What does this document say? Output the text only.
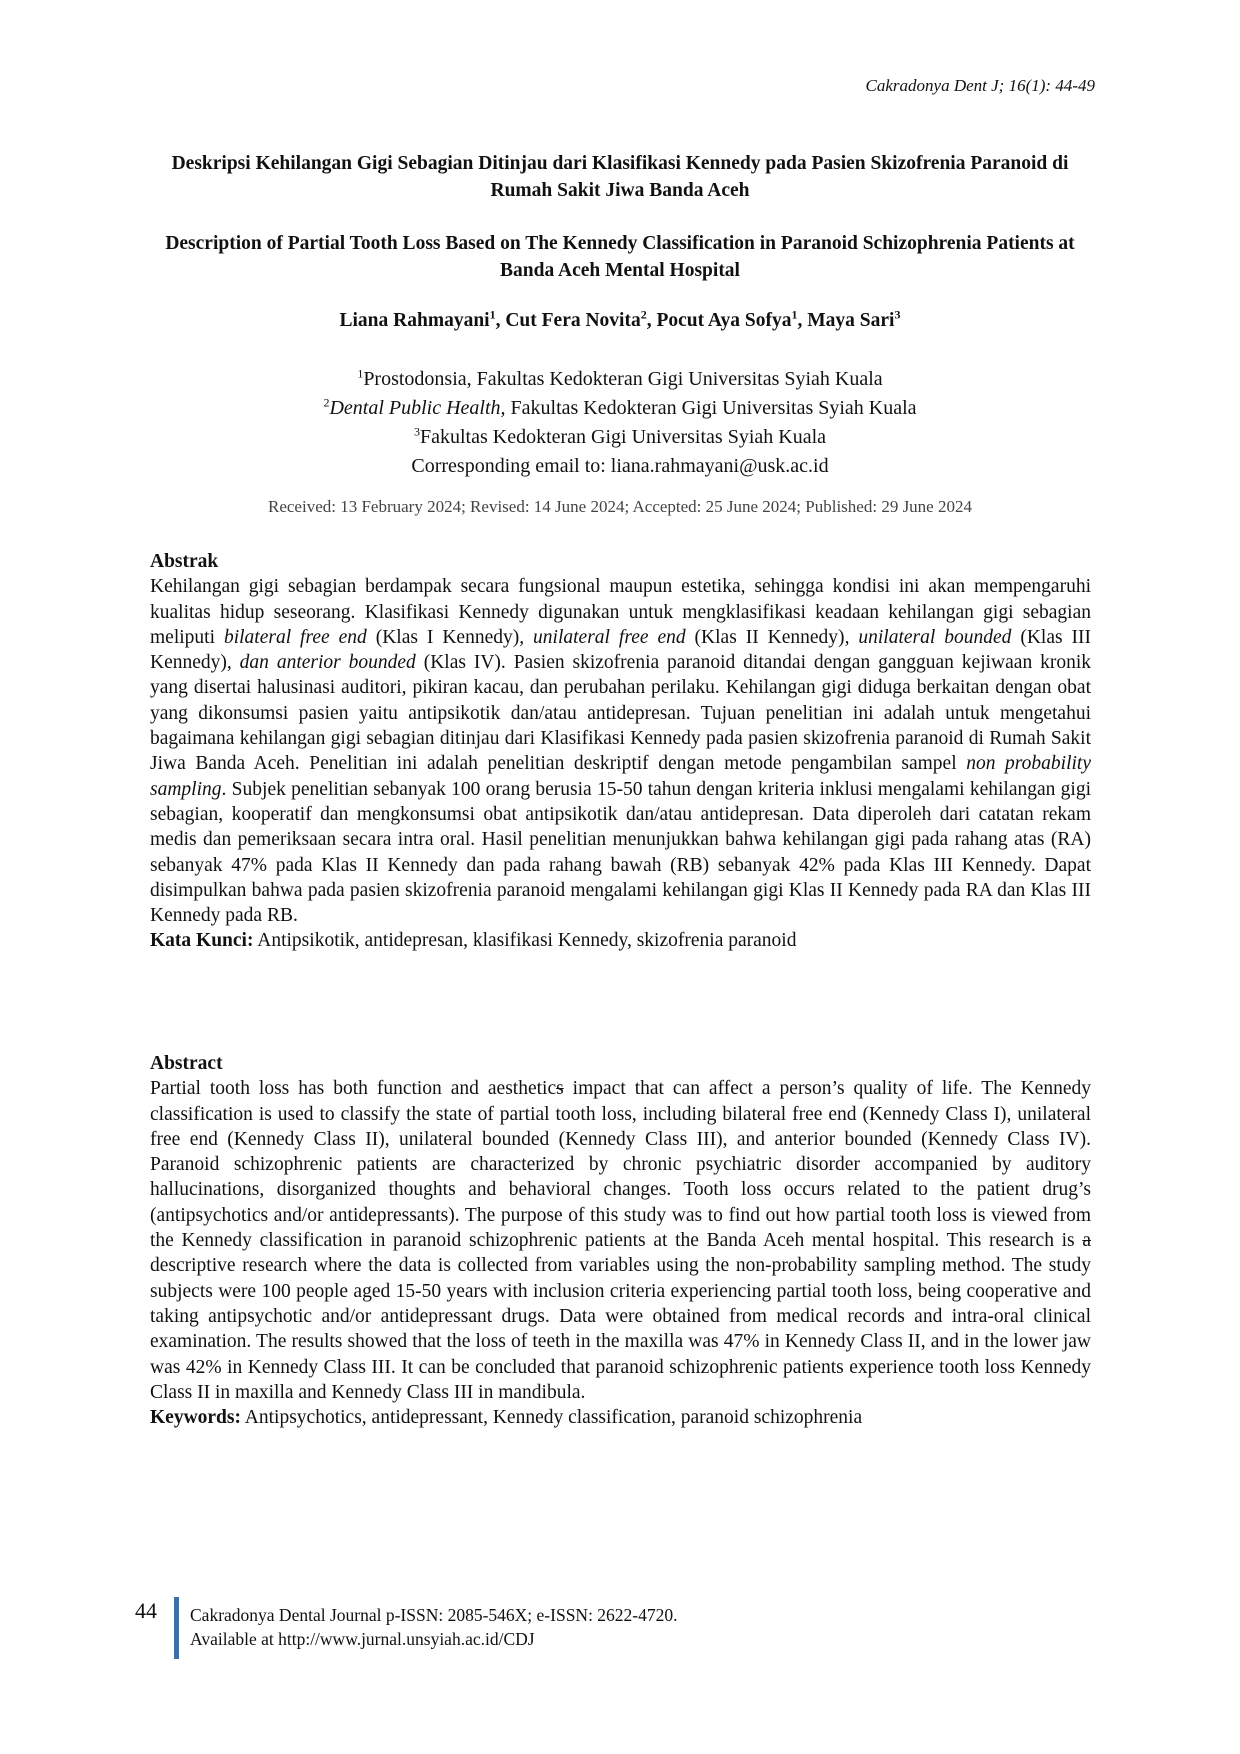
Cakradonya Dent J; 16(1): 44-49
Deskripsi Kehilangan Gigi Sebagian Ditinjau dari Klasifikasi Kennedy pada Pasien Skizofrenia Paranoid di Rumah Sakit Jiwa Banda Aceh
Description of Partial Tooth Loss Based on The Kennedy Classification in Paranoid Schizophrenia Patients at Banda Aceh Mental Hospital
Liana Rahmayani$^1$, Cut Fera Novita$^2$, Pocut Aya Sofya$^1$, Maya Sari$^3$
$^1$Prostodonsia, Fakultas Kedokteran Gigi Universitas Syiah Kuala
$^2$Dental Public Health, Fakultas Kedokteran Gigi Universitas Syiah Kuala
$^3$Fakultas Kedokteran Gigi Universitas Syiah Kuala
Corresponding email to: liana.rahmayani@usk.ac.id
Received: 13 February 2024; Revised: 14 June 2024; Accepted: 25 June 2024; Published: 29 June 2024
Abstrak
Kehilangan gigi sebagian berdampak secara fungsional maupun estetika, sehingga kondisi ini akan mempengaruhi kualitas hidup seseorang. Klasifikasi Kennedy digunakan untuk mengklasifikasi keadaan kehilangan gigi sebagian meliputi bilateral free end (Klas I Kennedy), unilateral free end (Klas II Kennedy), unilateral bounded (Klas III Kennedy), dan anterior bounded (Klas IV). Pasien skizofrenia paranoid ditandai dengan gangguan kejiwaan kronik yang disertai halusinasi auditori, pikiran kacau, dan perubahan perilaku. Kehilangan gigi diduga berkaitan dengan obat yang dikonsumsi pasien yaitu antipsikotik dan/atau antidepresan. Tujuan penelitian ini adalah untuk mengetahui bagaimana kehilangan gigi sebagian ditinjau dari Klasifikasi Kennedy pada pasien skizofrenia paranoid di Rumah Sakit Jiwa Banda Aceh. Penelitian ini adalah penelitian deskriptif dengan metode pengambilan sampel non probability sampling. Subjek penelitian sebanyak 100 orang berusia 15-50 tahun dengan kriteria inklusi mengalami kehilangan gigi sebagian, kooperatif dan mengkonsumsi obat antipsikotik dan/atau antidepresan. Data diperoleh dari catatan rekam medis dan pemeriksaan secara intra oral. Hasil penelitian menunjukkan bahwa kehilangan gigi pada rahang atas (RA) sebanyak 47% pada Klas II Kennedy dan pada rahang bawah (RB) sebanyak 42% pada Klas III Kennedy. Dapat disimpulkan bahwa pada pasien skizofrenia paranoid mengalami kehilangan gigi Klas II Kennedy pada RA dan Klas III Kennedy pada RB.
Kata Kunci: Antipsikotik, antidepresan, klasifikasi Kennedy, skizofrenia paranoid
Abstract
Partial tooth loss has both function and aesthetics impact that can affect a person’s quality of life. The Kennedy classification is used to classify the state of partial tooth loss, including bilateral free end (Kennedy Class I), unilateral free end (Kennedy Class II), unilateral bounded (Kennedy Class III), and anterior bounded (Kennedy Class IV). Paranoid schizophrenic patients are characterized by chronic psychiatric disorder accompanied by auditory hallucinations, disorganized thoughts and behavioral changes. Tooth loss occurs related to the patient drug’s (antipsychotics and/or antidepressants). The purpose of this study was to find out how partial tooth loss is viewed from the Kennedy classification in paranoid schizophrenic patients at the Banda Aceh mental hospital. This research is a descriptive research where the data is collected from variables using the non-probability sampling method. The study subjects were 100 people aged 15-50 years with inclusion criteria experiencing partial tooth loss, being cooperative and taking antipsychotic and/or antidepressant drugs. Data were obtained from medical records and intra-oral clinical examination. The results showed that the loss of teeth in the maxilla was 47% in Kennedy Class II, and in the lower jaw was 42% in Kennedy Class III. It can be concluded that paranoid schizophrenic patients experience tooth loss Kennedy Class II in maxilla and Kennedy Class III in mandibula.
Keywords: Antipsychotics, antidepressant, Kennedy classification, paranoid schizophrenia
44 Cakradonya Dental Journal p-ISSN: 2085-546X; e-ISSN: 2622-4720.
Available at http://www.jurnal.unsyiah.ac.id/CDJ
